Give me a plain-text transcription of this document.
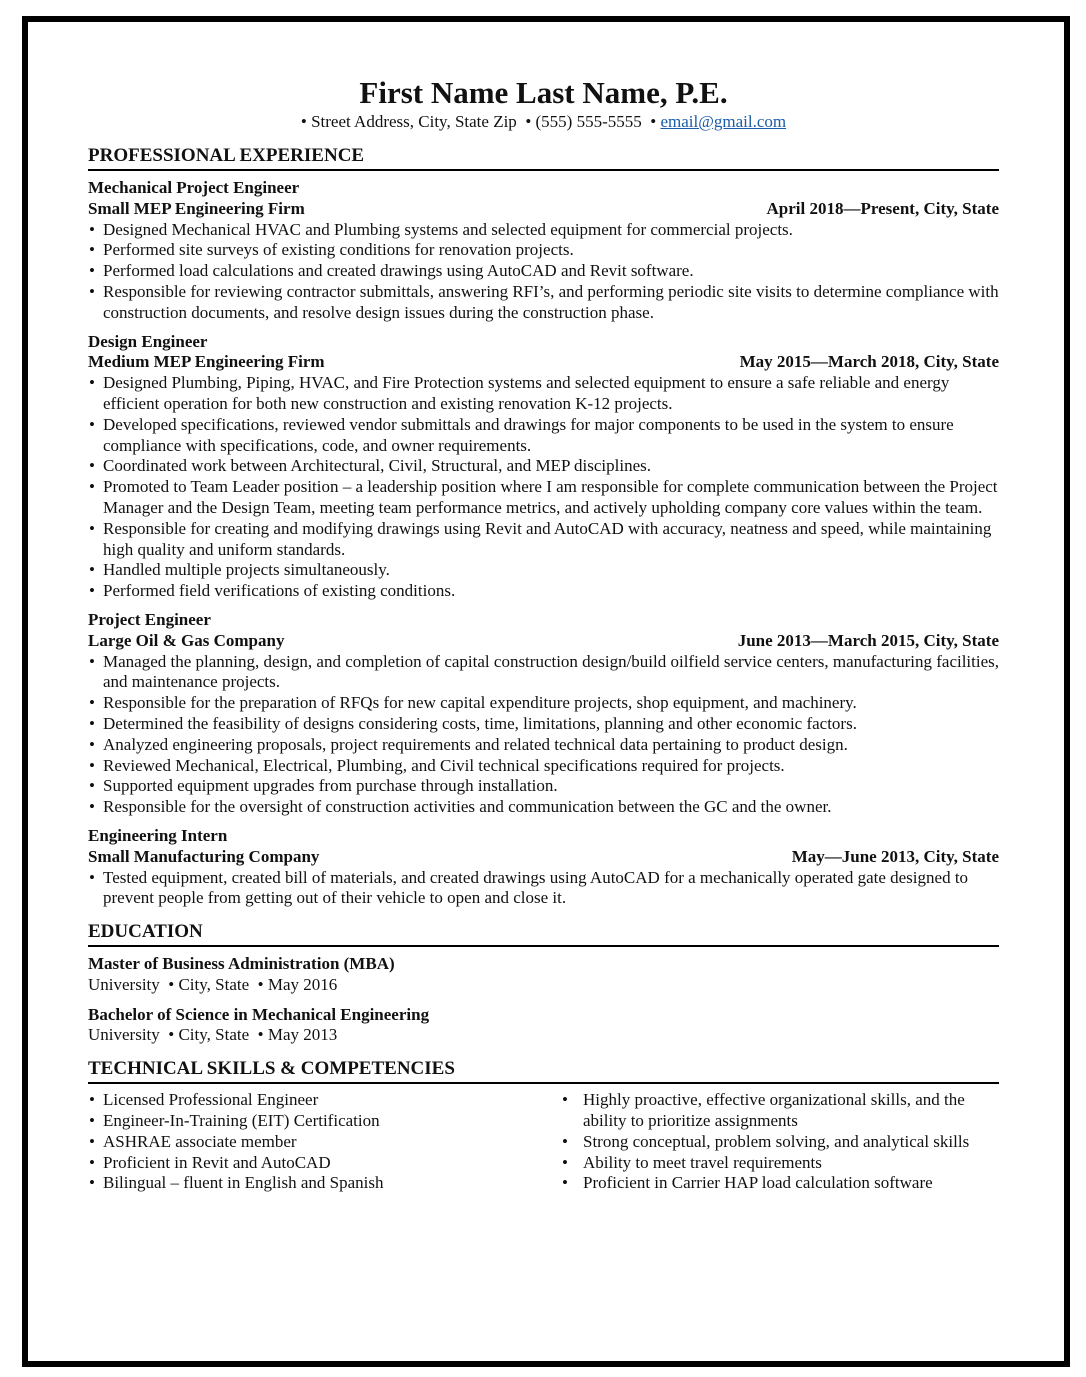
First Name Last Name, P.E.
• Street Address, City, State Zip • (555) 555-5555 • email@gmail.com
PROFESSIONAL EXPERIENCE
Mechanical Project Engineer
Small MEP Engineering Firm	April 2018—Present, City, State
• Designed Mechanical HVAC and Plumbing systems and selected equipment for commercial projects.
• Performed site surveys of existing conditions for renovation projects.
• Performed load calculations and created drawings using AutoCAD and Revit software.
• Responsible for reviewing contractor submittals, answering RFI’s, and performing periodic site visits to determine compliance with construction documents, and resolve design issues during the construction phase.
Design Engineer
Medium MEP Engineering Firm	May 2015—March 2018, City, State
• Designed Plumbing, Piping, HVAC, and Fire Protection systems and selected equipment to ensure a safe reliable and energy efficient operation for both new construction and existing renovation K-12 projects.
• Developed specifications, reviewed vendor submittals and drawings for major components to be used in the system to ensure compliance with specifications, code, and owner requirements.
• Coordinated work between Architectural, Civil, Structural, and MEP disciplines.
• Promoted to Team Leader position – a leadership position where I am responsible for complete communication between the Project Manager and the Design Team, meeting team performance metrics, and actively upholding company core values within the team.
• Responsible for creating and modifying drawings using Revit and AutoCAD with accuracy, neatness and speed, while maintaining high quality and uniform standards.
• Handled multiple projects simultaneously.
• Performed field verifications of existing conditions.
Project Engineer
Large Oil & Gas Company	June 2013—March 2015, City, State
• Managed the planning, design, and completion of capital construction design/build oilfield service centers, manufacturing facilities, and maintenance projects.
• Responsible for the preparation of RFQs for new capital expenditure projects, shop equipment, and machinery.
• Determined the feasibility of designs considering costs, time, limitations, planning and other economic factors.
• Analyzed engineering proposals, project requirements and related technical data pertaining to product design.
• Reviewed Mechanical, Electrical, Plumbing, and Civil technical specifications required for projects.
• Supported equipment upgrades from purchase through installation.
• Responsible for the oversight of construction activities and communication between the GC and the owner.
Engineering Intern
Small Manufacturing Company	May—June 2013, City, State
• Tested equipment, created bill of materials, and created drawings using AutoCAD for a mechanically operated gate designed to prevent people from getting out of their vehicle to open and close it.
EDUCATION
Master of Business Administration (MBA)
University  • City, State  • May 2016
Bachelor of Science in Mechanical Engineering
University  • City, State  • May 2013
TECHNICAL SKILLS & COMPETENCIES
• Licensed Professional Engineer
• Engineer-In-Training (EIT) Certification
• ASHRAE associate member
• Proficient in Revit and AutoCAD
• Bilingual – fluent in English and Spanish
• Highly proactive, effective organizational skills, and the ability to prioritize assignments
• Strong conceptual, problem solving, and analytical skills
• Ability to meet travel requirements
• Proficient in Carrier HAP load calculation software
